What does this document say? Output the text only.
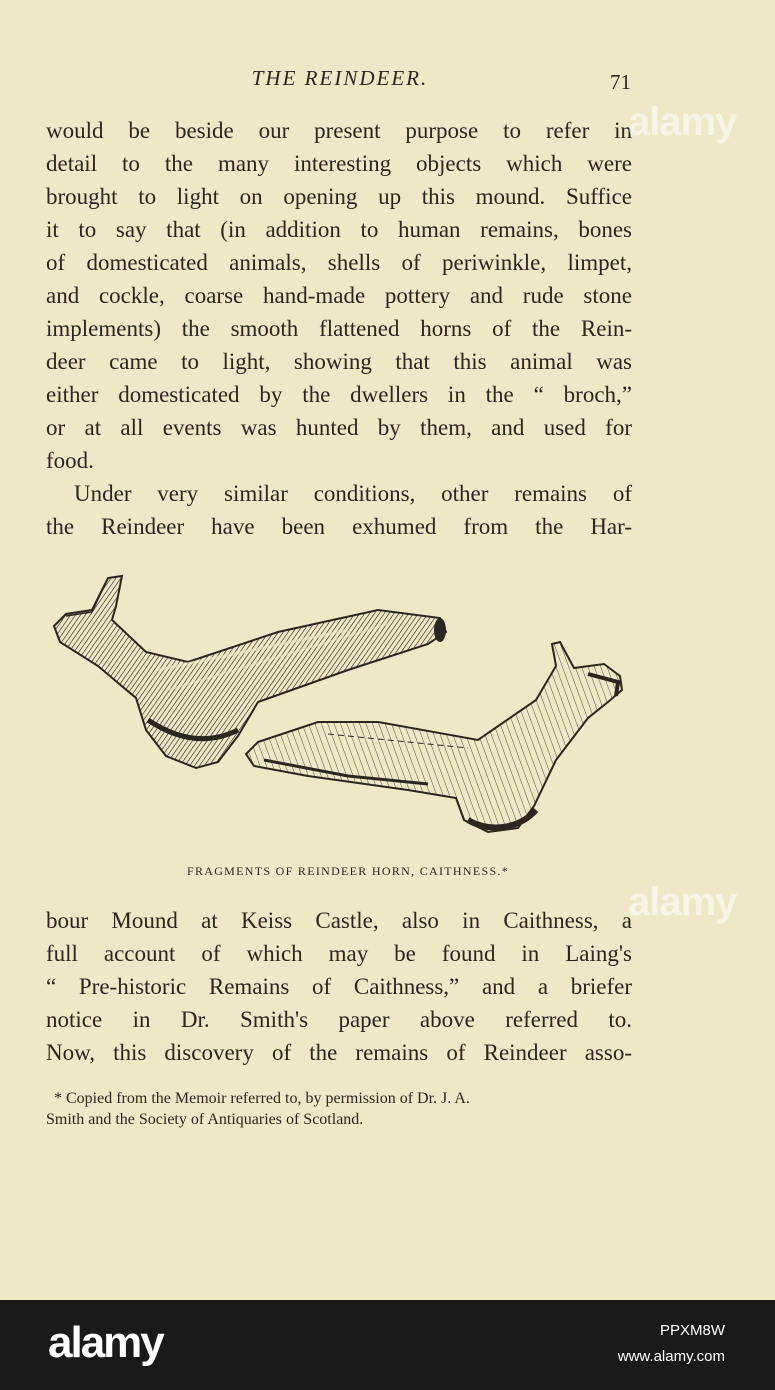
THE REINDEER.	71
would be beside our present purpose to refer in
detail to the many interesting objects which were
brought to light on opening up this mound. Suffice
it to say that (in addition to human remains, bones
of domesticated animals, shells of periwinkle, limpet,
and cockle, coarse hand-made pottery and rude stone
implements) the smooth flattened horns of the Rein-
deer came to light, showing that this animal was
either domesticated by the dwellers in the “ broch,”
or at all events was hunted by them, and used for
food.
Under very similar conditions, other remains of
the Reindeer have been exhumed from the Har-
FRAGMENTS OF REINDEER HORN, CAITHNESS.*
bour Mound at Keiss Castle, also in Caithness, a
full account of which may be found in Laing's
“ Pre-historic Remains of Caithness,” and a briefer
notice in Dr. Smith's paper above referred to.
Now, this discovery of the remains of Reindeer asso-
* Copied from the Memoir referred to, by permission of Dr. J. A.
Smith and the Society of Antiquaries of Scotland.
alamy
alamy
alamy	PPXM8W
www.alamy.com
